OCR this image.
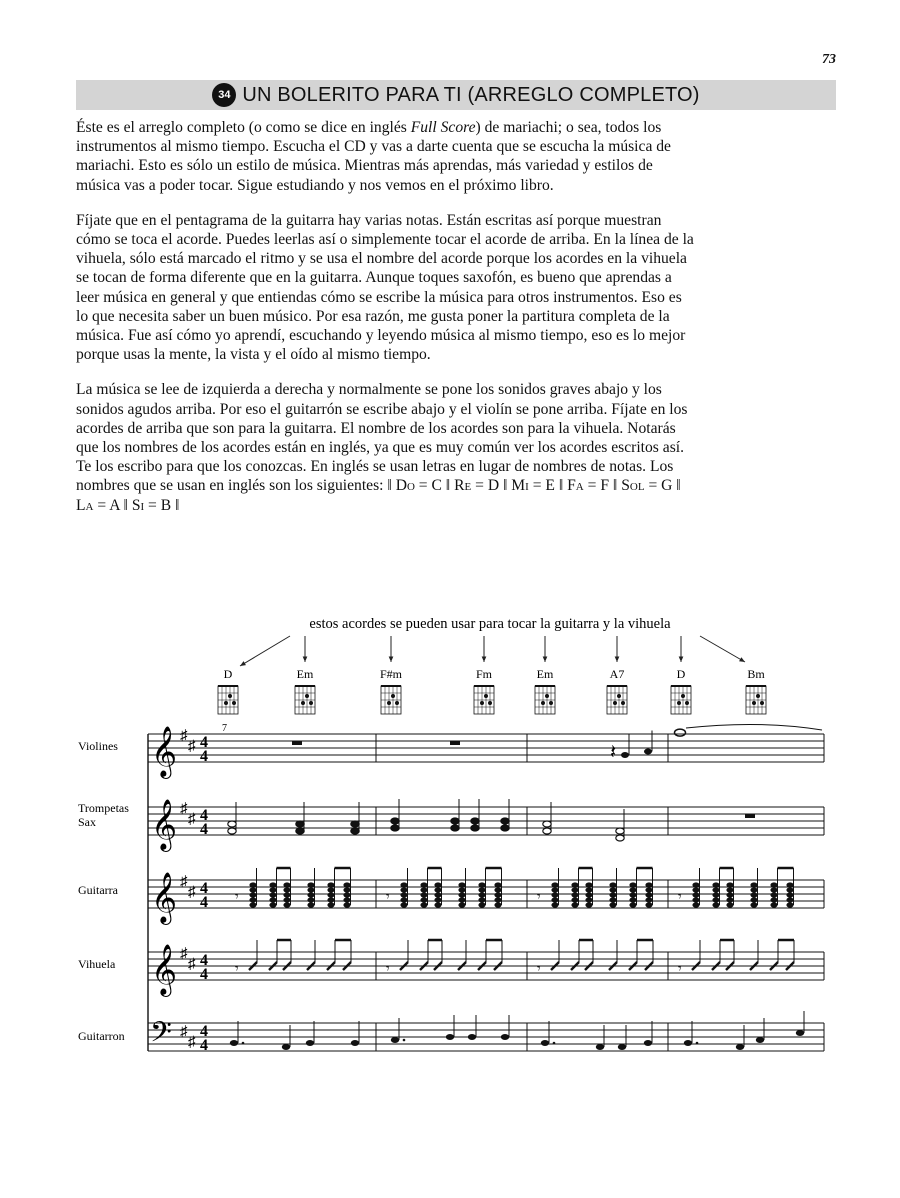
73
34 UN BOLERITO PARA TI (ARREGLO COMPLETO)

Éste es el arreglo completo (o como se dice en inglés Full Score) de mariachi; o sea, todos los instrumentos al mismo tiempo. Escucha el CD y vas a darte cuenta que se escucha la música de mariachi. Esto es sólo un estilo de música. Mientras más aprendas, más variedad y estilos de música vas a poder tocar. Sigue estudiando y nos vemos en el próximo libro.

Fíjate que en el pentagrama de la guitarra hay varias notas. Están escritas así porque muestran cómo se toca el acorde. Puedes leerlas así o simplemente tocar el acorde de arriba. En la línea de la vihuela, sólo está marcado el ritmo y se usa el nombre del acorde porque los acordes en la vihuela se tocan de forma diferente que en la guitarra. Aunque toques saxofón, es bueno que aprendas a leer música en general y que entiendas cómo se escribe la música para otros instrumentos. Eso es lo que necesita saber un buen músico. Por esa razón, me gusta poner la partitura completa de la música. Fue así cómo yo aprendí, escuchando y leyendo música al mismo tiempo, eso es lo mejor porque usas la mente, la vista y el oído al mismo tiempo.

La música se lee de izquierda a derecha y normalmente se pone los sonidos graves abajo y los sonidos agudos arriba. Por eso el guitarrón se escribe abajo y el violín se pone arriba. Fíjate en los acordes de arriba que son para la guitarra. El nombre de los acordes son para la vihuela. Notarás que los nombres de los acordes están en inglés, ya que es muy común ver los acordes escritos así. Te los escribo para que los conozcas. En inglés se usan letras en lugar de nombres de notas. Los nombres que se usan en inglés son los siguientes: ‖ Do = C ‖ Re = D ‖ Mi = E ‖ Fa = F ‖ Sol = G ‖ La = A ‖ Si = B ‖

estos acordes se pueden usar para tocar la guitarra y la vihuela
D	Em	F#m	Fm	Em	A7	D	Bm
Violines
Trompetas
Sax
Guitarra
Vihuela
Guitarron
7
𝄞 ♯
♯ 4
4
𝄞 ♯
♯ 4
4
𝄞 ♯
♯ 4
4
𝄞 ♯
♯ 4
4
𝄢 ♯
♯
4
4
𝄽
𝄾	𝄾	𝄾	𝄾
𝄾	𝄾	𝄾	𝄾
